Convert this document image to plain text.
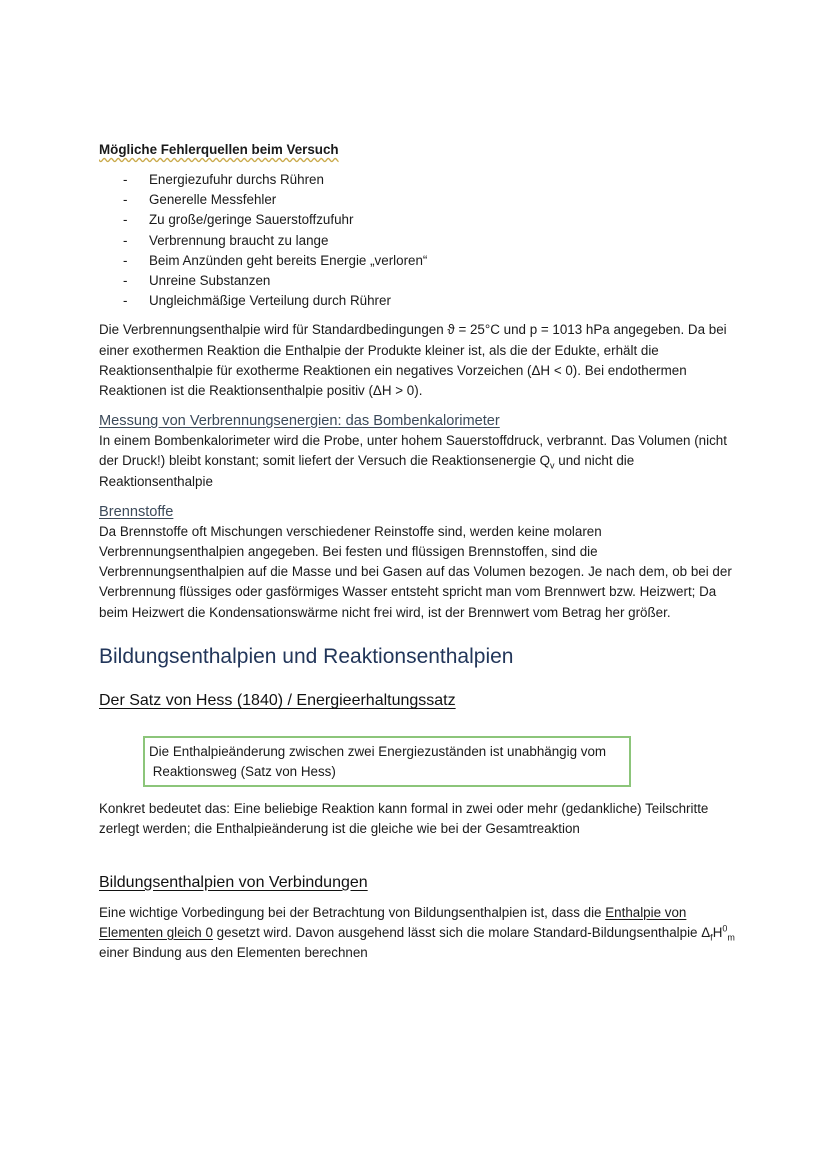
Mögliche Fehlerquellen beim Versuch
- Energiezufuhr durchs Rühren
- Generelle Messfehler
- Zu große/geringe Sauerstoffzufuhr
- Verbrennung braucht zu lange
- Beim Anzünden geht bereits Energie „verloren“
- Unreine Substanzen
- Ungleichmäßige Verteilung durch Rührer

Die Verbrennungsenthalpie wird für Standardbedingungen ϑ = 25°C und p = 1013 hPa angegeben. Da bei einer exothermen Reaktion die Enthalpie der Produkte kleiner ist, als die der Edukte, erhält die Reaktionsenthalpie für exotherme Reaktionen ein negatives Vorzeichen (ΔH < 0). Bei endothermen Reaktionen ist die Reaktionsenthalpie positiv (ΔH > 0).

Messung von Verbrennungsenergien: das Bombenkalorimeter

In einem Bombenkalorimeter wird die Probe, unter hohem Sauerstoffdruck, verbrannt. Das Volumen (nicht der Druck!) bleibt konstant; somit liefert der Versuch die Reaktionsenergie $Q_v$ und nicht die Reaktionsenthalpie

Brennstoffe

Da Brennstoffe oft Mischungen verschiedener Reinstoffe sind, werden keine molaren Verbrennungsenthalpien angegeben. Bei festen und flüssigen Brennstoffen, sind die Verbrennungsenthalpien auf die Masse und bei Gasen auf das Volumen bezogen. Je nach dem, ob bei der Verbrennung flüssiges oder gasförmiges Wasser entsteht spricht man vom Brennwert bzw. Heizwert; Da beim Heizwert die Kondensationswärme nicht frei wird, ist der Brennwert vom Betrag her größer.

Bildungsenthalpien und Reaktionsenthalpien
Der Satz von Hess (1840) / Energieerhaltungssatz

Die Enthalpieänderung zwischen zwei Energiezuständen ist unabhängig vom

Reaktionsweg (Satz von Hess)

Konkret bedeutet das: Eine beliebige Reaktion kann formal in zwei oder mehr (gedankliche) Teilschritte zerlegt werden; die Enthalpieänderung ist die gleiche wie bei der Gesamtreaktion

Bildungsenthalpien von Verbindungen

Eine wichtige Vorbedingung bei der Betrachtung von Bildungsenthalpien ist, dass die Enthalpie von Elementen gleich 0 gesetzt wird. Davon ausgehend lässt sich die molare Standard-Bildungsenthalpie $\Delta_fH^0_m$ einer Bindung aus den Elementen berechnen
